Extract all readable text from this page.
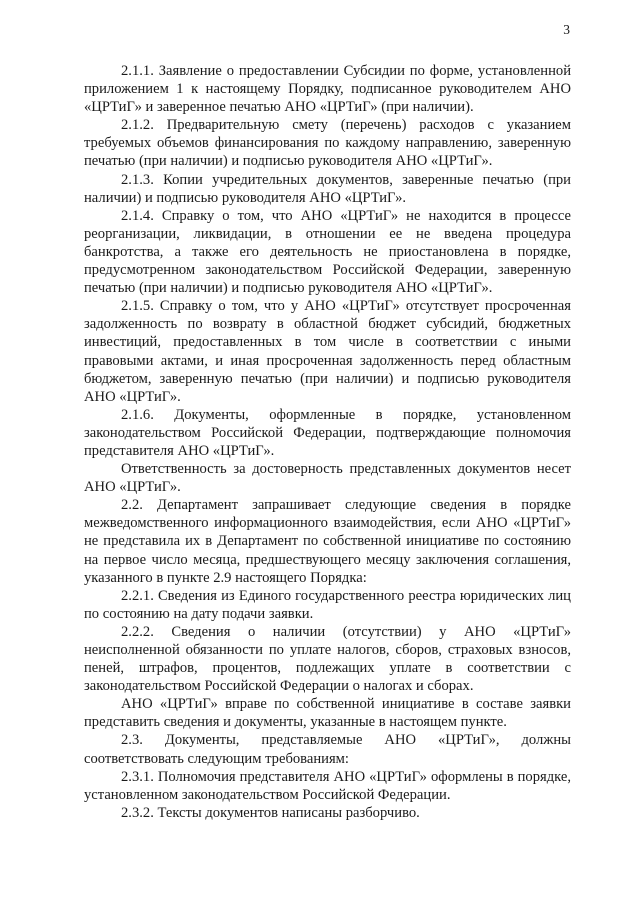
3

2.1.1. Заявление о предоставлении Субсидии по форме, установленной приложением 1 к настоящему Порядку, подписанное руководителем АНО «ЦРТиГ» и заверенное печатью АНО «ЦРТиГ» (при наличии).

2.1.2. Предварительную смету (перечень) расходов с указанием требуемых объемов финансирования по каждому направлению, заверенную печатью (при наличии) и подписью руководителя АНО «ЦРТиГ».

2.1.3. Копии учредительных документов, заверенные печатью (при наличии) и подписью руководителя АНО «ЦРТиГ».

2.1.4. Справку о том, что АНО «ЦРТиГ» не находится в процессе реорганизации, ликвидации, в отношении ее не введена процедура банкротства, а также его деятельность не приостановлена в порядке, предусмотренном законодательством Российской Федерации, заверенную печатью (при наличии) и подписью руководителя АНО «ЦРТиГ».

2.1.5. Справку о том, что у АНО «ЦРТиГ» отсутствует просроченная задолженность по возврату в областной бюджет субсидий, бюджетных инвестиций, предоставленных в том числе в соответствии с иными правовыми актами, и иная просроченная задолженность перед областным бюджетом, заверенную печатью (при наличии) и подписью руководителя АНО «ЦРТиГ».

2.1.6. Документы, оформленные в порядке, установленном законодательством Российской Федерации, подтверждающие полномочия представителя АНО «ЦРТиГ».

Ответственность за достоверность представленных документов несет АНО «ЦРТиГ».

2.2. Департамент запрашивает следующие сведения в порядке межведомственного информационного взаимодействия, если АНО «ЦРТиГ» не представила их в Департамент по собственной инициативе по состоянию на первое число месяца, предшествующего месяцу заключения соглашения, указанного в пункте 2.9 настоящего Порядка:

2.2.1. Сведения из Единого государственного реестра юридических лиц по состоянию на дату подачи заявки.

2.2.2. Сведения о наличии (отсутствии) у АНО «ЦРТиГ» неисполненной обязанности по уплате налогов, сборов, страховых взносов, пеней, штрафов, процентов, подлежащих уплате в соответствии с законодательством Российской Федерации о налогах и сборах.

АНО «ЦРТиГ» вправе по собственной инициативе в составе заявки представить сведения и документы, указанные в настоящем пункте.

2.3. Документы, представляемые АНО «ЦРТиГ», должны соответствовать следующим требованиям:

2.3.1. Полномочия представителя АНО «ЦРТиГ» оформлены в порядке, установленном законодательством Российской Федерации.

2.3.2. Тексты документов написаны разборчиво.
